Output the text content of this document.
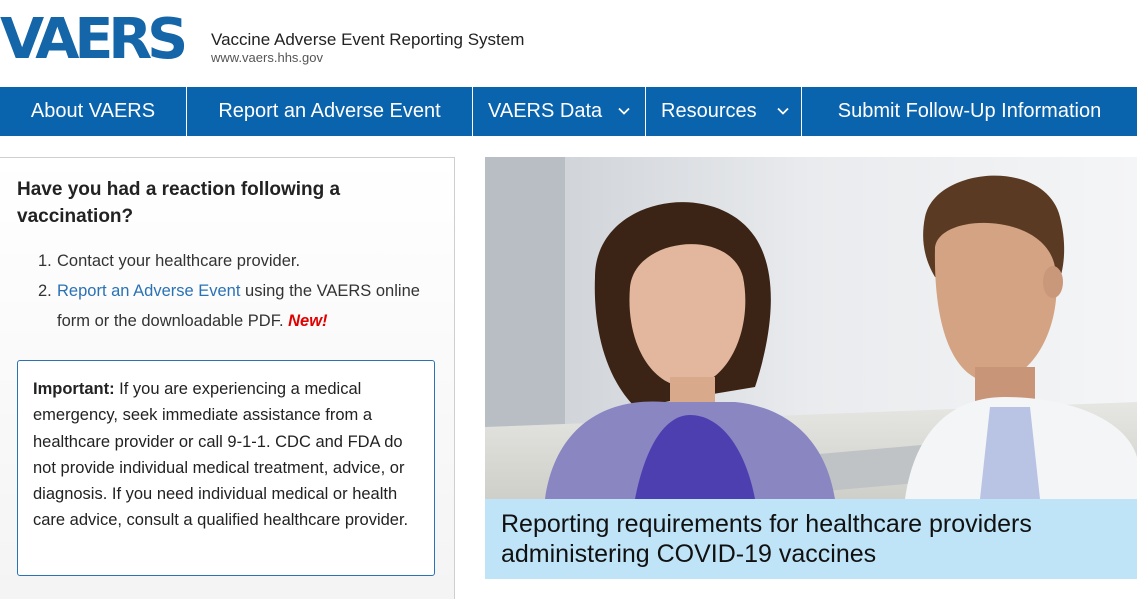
VAERS Vaccine Adverse Event Reporting System
www.vaers.hhs.gov
About VAERS	Report an Adverse Event VAERS Data	Resources	Submit Follow-Up Information
Have you had a reaction following a vaccination?
1. Contact your healthcare provider.
2. Report an Adverse Event using the VAERS online form or the downloadable PDF. New!
Important: If you are experiencing a medical emergency, seek immediate assistance from a healthcare provider or call 9-1-1. CDC and FDA do not provide individual medical treatment, advice, or diagnosis. If you need individual medical or health care advice, consult a qualified healthcare provider.	Reporting requirements for healthcare providers administering COVID-19 vaccines
